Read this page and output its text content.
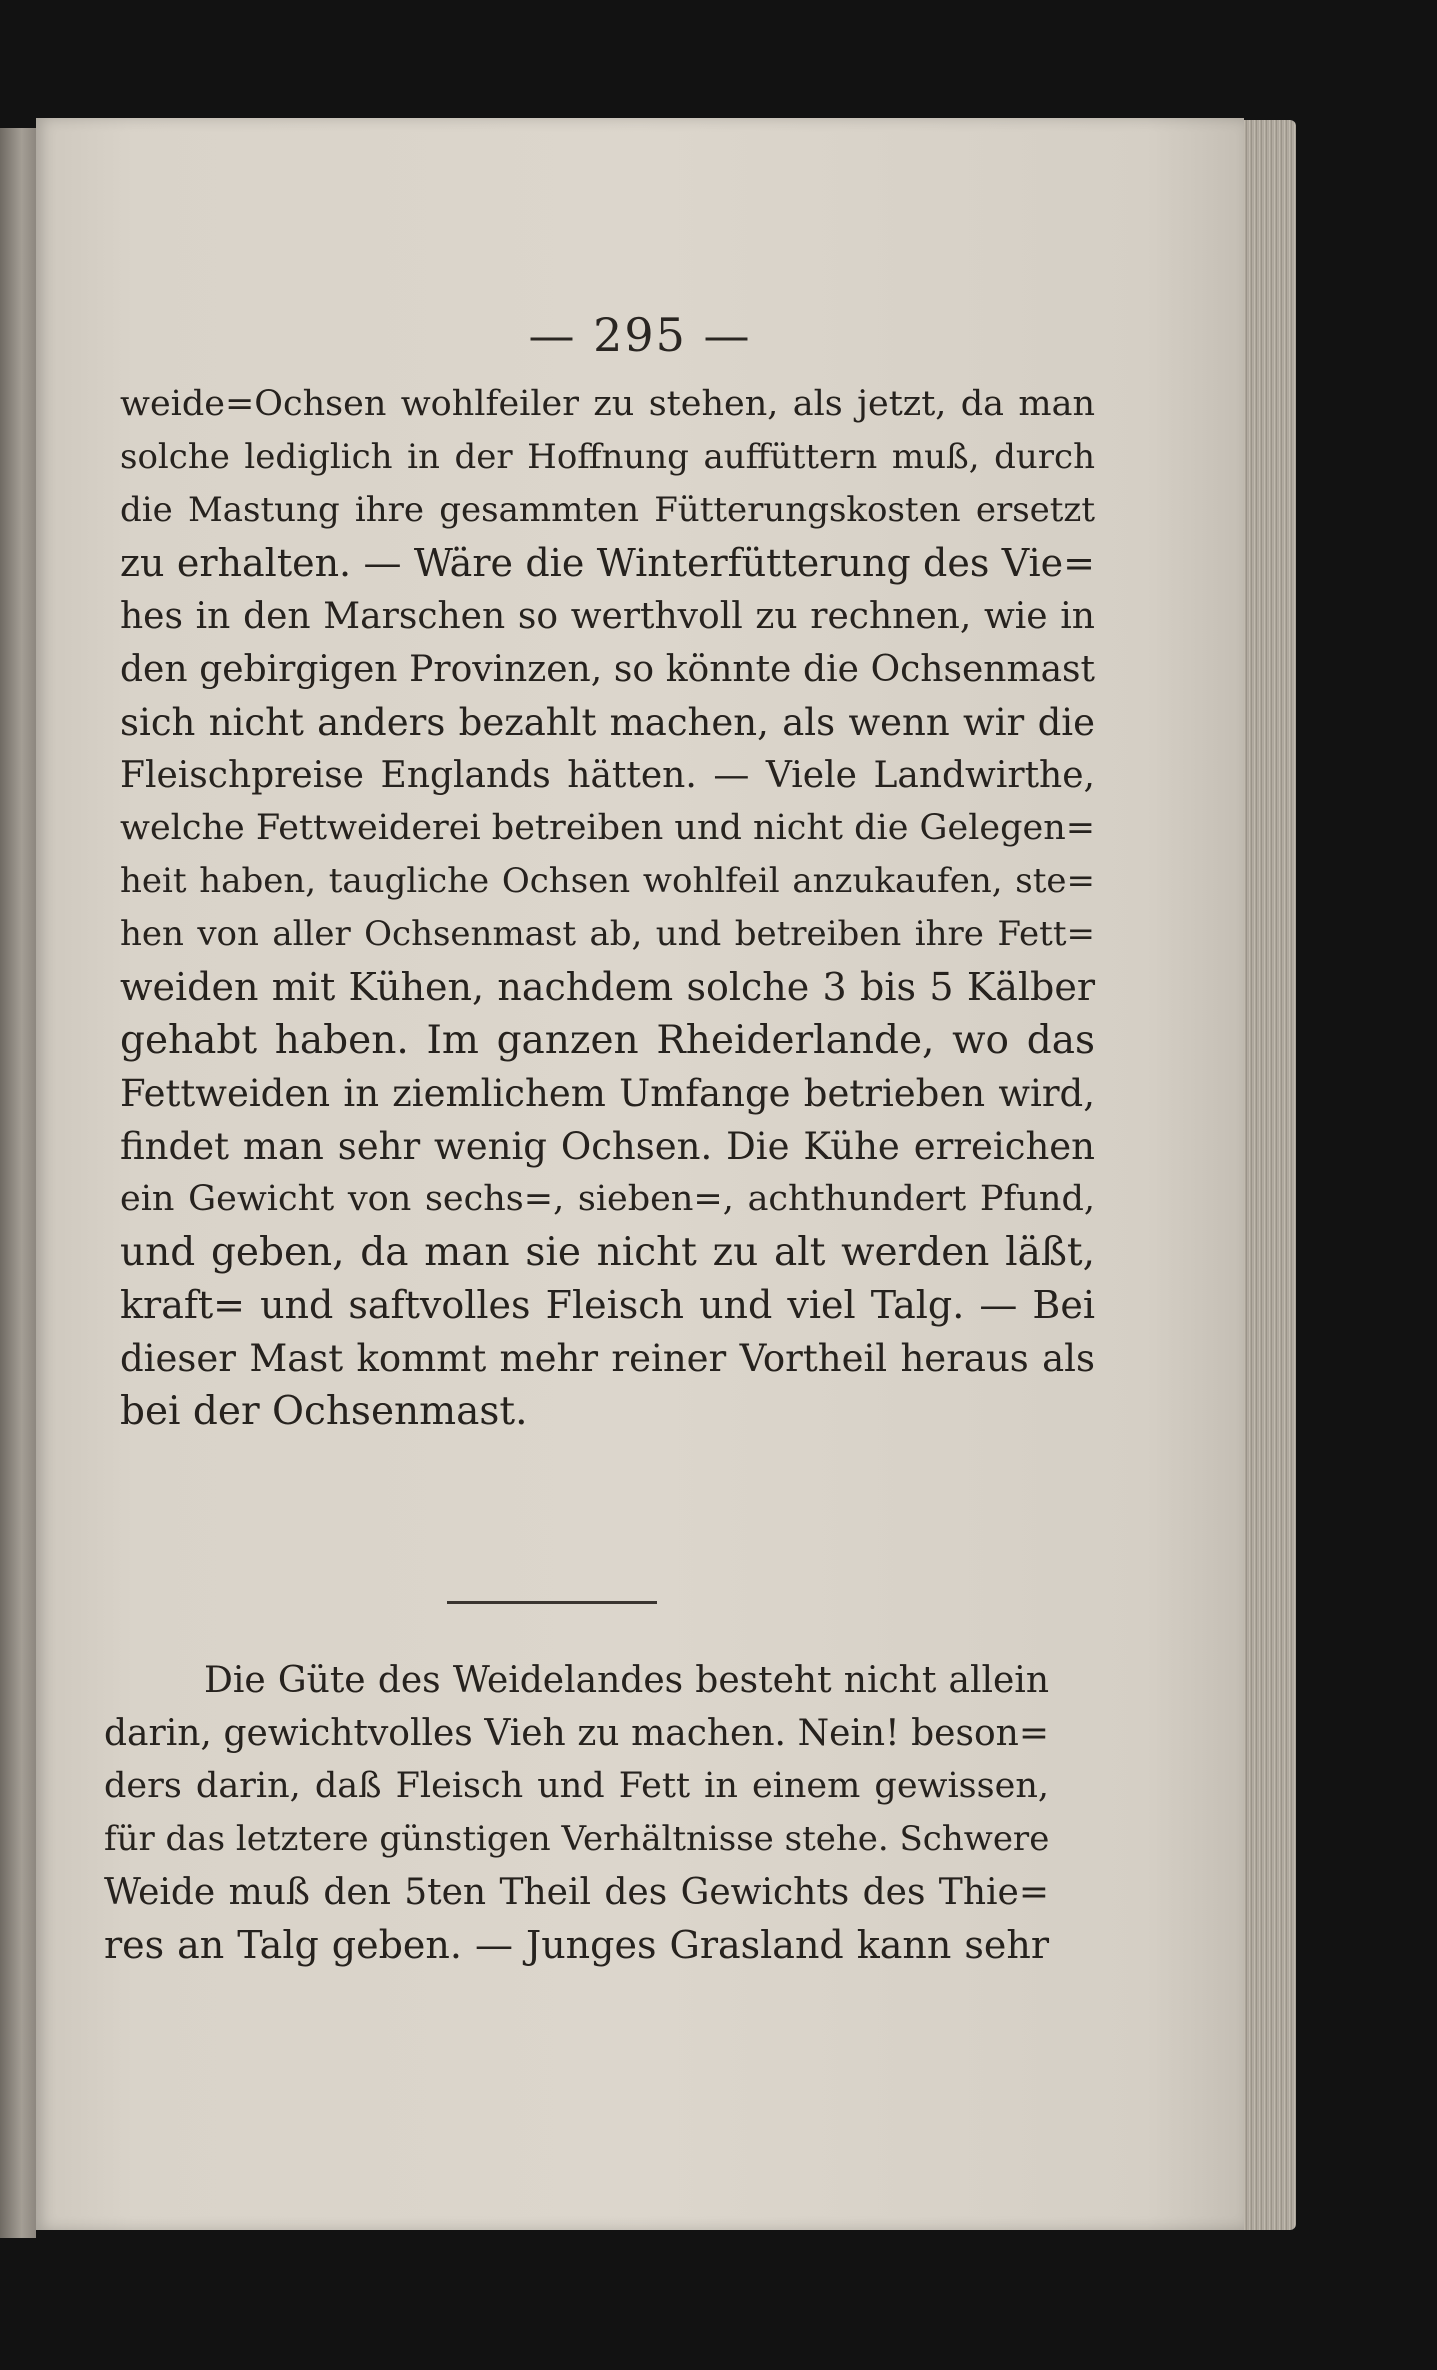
— 295 —
weide=Ochsen wohlfeiler zu stehen, als jetzt, da man
solche lediglich in der Hoffnung auffüttern muß, durch
die Mastung ihre gesammten Fütterungskosten ersetzt
zu erhalten. — Wäre die Winterfütterung des Vie=
hes in den Marschen so werthvoll zu rechnen, wie in
den gebirgigen Provinzen, so könnte die Ochsenmast
sich nicht anders bezahlt machen, als wenn wir die
Fleischpreise Englands hätten. — Viele Landwirthe,
welche Fettweiderei betreiben und nicht die Gelegen=
heit haben, taugliche Ochsen wohlfeil anzukaufen, ste=
hen von aller Ochsenmast ab, und betreiben ihre Fett=
weiden mit Kühen, nachdem solche 3 bis 5 Kälber
gehabt haben. Im ganzen Rheiderlande, wo das
Fettweiden in ziemlichem Umfange betrieben wird,
findet man sehr wenig Ochsen. Die Kühe erreichen
ein Gewicht von sechs=, sieben=, achthundert Pfund,
und geben, da man sie nicht zu alt werden läßt,
kraft= und saftvolles Fleisch und viel Talg. — Bei
dieser Mast kommt mehr reiner Vortheil heraus als
bei der Ochsenmast.
Die Güte des Weidelandes besteht nicht allein
darin, gewichtvolles Vieh zu machen. Nein! beson=
ders darin, daß Fleisch und Fett in einem gewissen,
für das letztere günstigen Verhältnisse stehe. Schwere
Weide muß den 5ten Theil des Gewichts des Thie=
res an Talg geben. — Junges Grasland kann sehr
